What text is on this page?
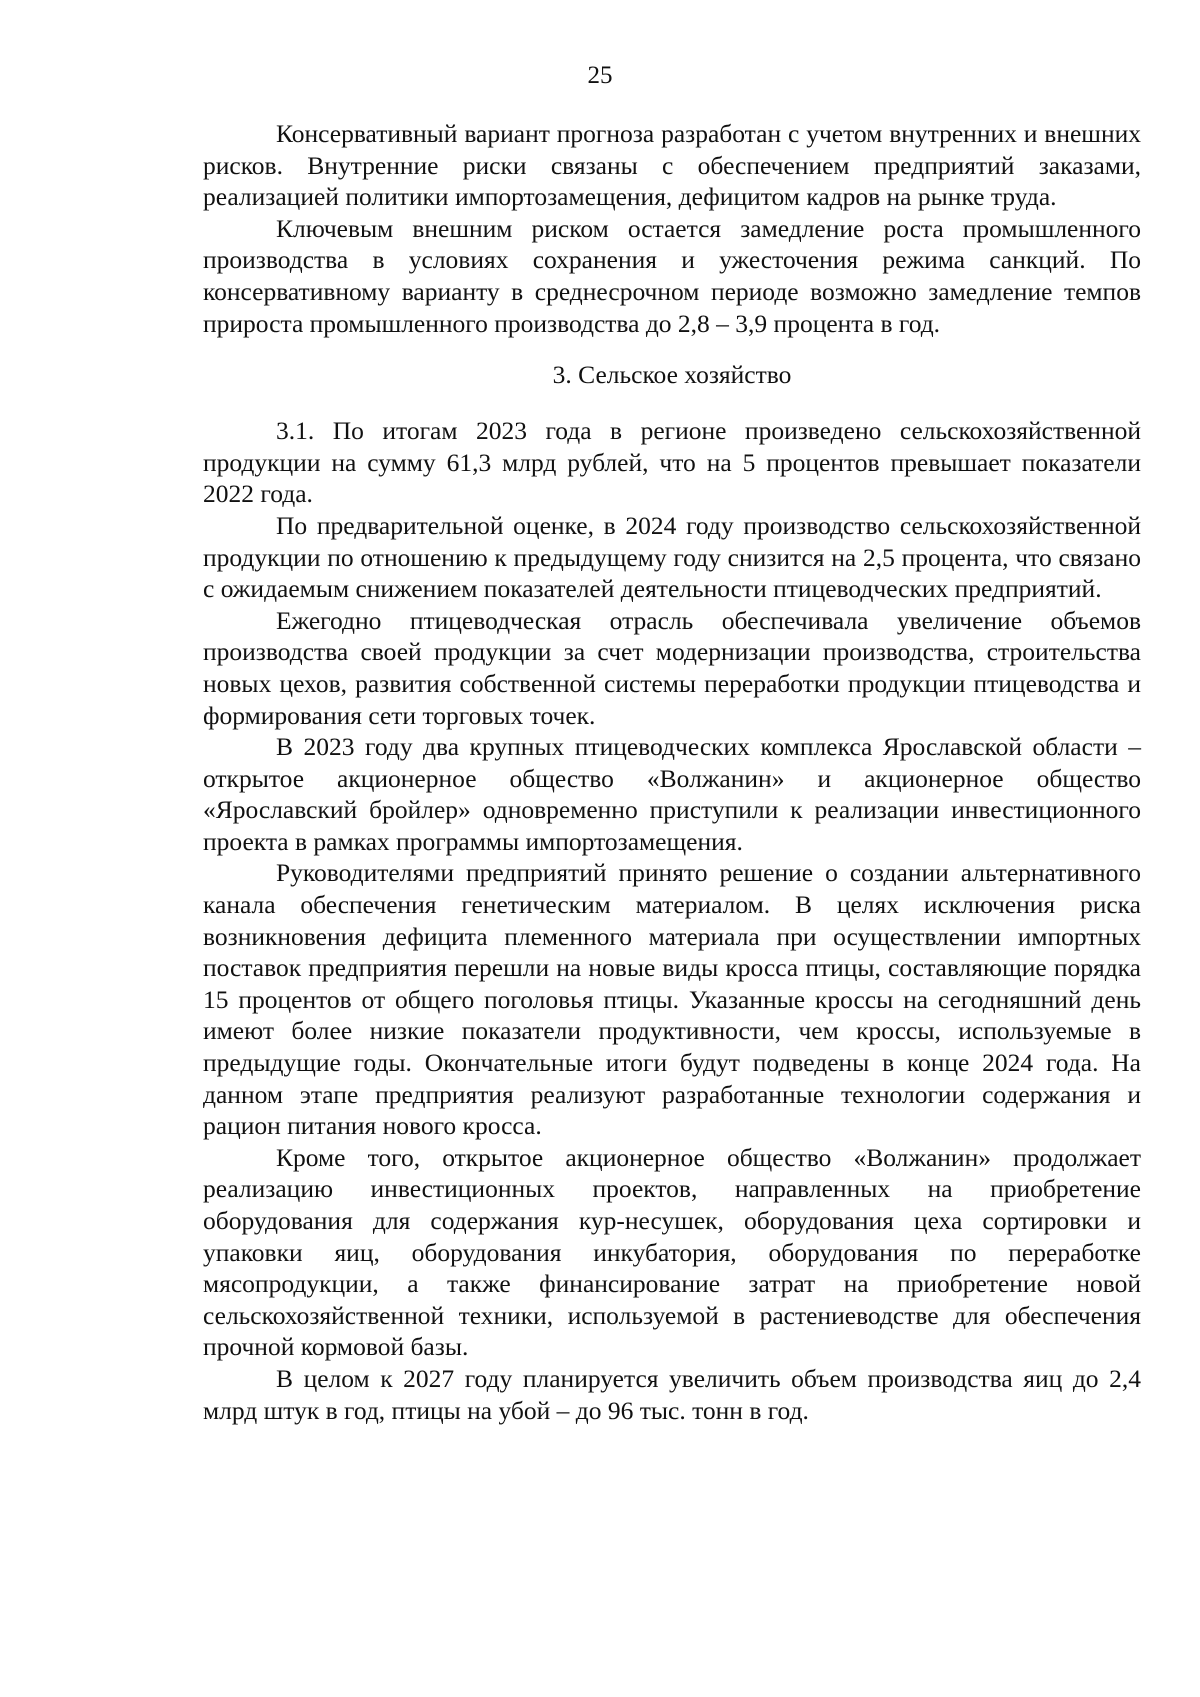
25

Консервативный вариант прогноза разработан с учетом внутренних и внешних рисков. Внутренние риски связаны с обеспечением предприятий заказами, реализацией политики импортозамещения, дефицитом кадров на рынке труда.

Ключевым внешним риском остается замедление роста промышленного производства в условиях сохранения и ужесточения режима санкций. По консервативному варианту в среднесрочном периоде возможно замедление темпов прироста промышленного производства до 2,8 – 3,9 процента в год.

3. Сельское хозяйство

3.1. По итогам 2023 года в регионе произведено сельскохозяйственной продукции на сумму 61,3 млрд рублей, что на 5 процентов превышает показатели 2022 года.

По предварительной оценке, в 2024 году производство сельскохозяйственной продукции по отношению к предыдущему году снизится на 2,5 процента, что связано с ожидаемым снижением показателей деятельности птицеводческих предприятий.

Ежегодно птицеводческая отрасль обеспечивала увеличение объемов производства своей продукции за счет модернизации производства, строительства новых цехов, развития собственной системы переработки продукции птицеводства и формирования сети торговых точек.

В 2023 году два крупных птицеводческих комплекса Ярославской области – открытое акционерное общество «Волжанин» и акционерное общество «Ярославский бройлер» одновременно приступили к реализации инвестиционного проекта в рамках программы импортозамещения.

Руководителями предприятий принято решение о создании альтернативного канала обеспечения генетическим материалом. В целях исключения риска возникновения дефицита племенного материала при осуществлении импортных поставок предприятия перешли на новые виды кросса птицы, составляющие порядка 15 процентов от общего поголовья птицы. Указанные кроссы на сегодняшний день имеют более низкие показатели продуктивности, чем кроссы, используемые в предыдущие годы. Окончательные итоги будут подведены в конце 2024 года. На данном этапе предприятия реализуют разработанные технологии содержания и рацион питания нового кросса.

Кроме того, открытое акционерное общество «Волжанин» продолжает реализацию инвестиционных проектов, направленных на приобретение оборудования для содержания кур-несушек, оборудования цеха сортировки и упаковки яиц, оборудования инкубатория, оборудования по переработке мясопродукции, а также финансирование затрат на приобретение новой сельскохозяйственной техники, используемой в растениеводстве для обеспечения прочной кормовой базы.

В целом к 2027 году планируется увеличить объем производства яиц до 2,4 млрд штук в год, птицы на убой – до 96 тыс. тонн в год.
